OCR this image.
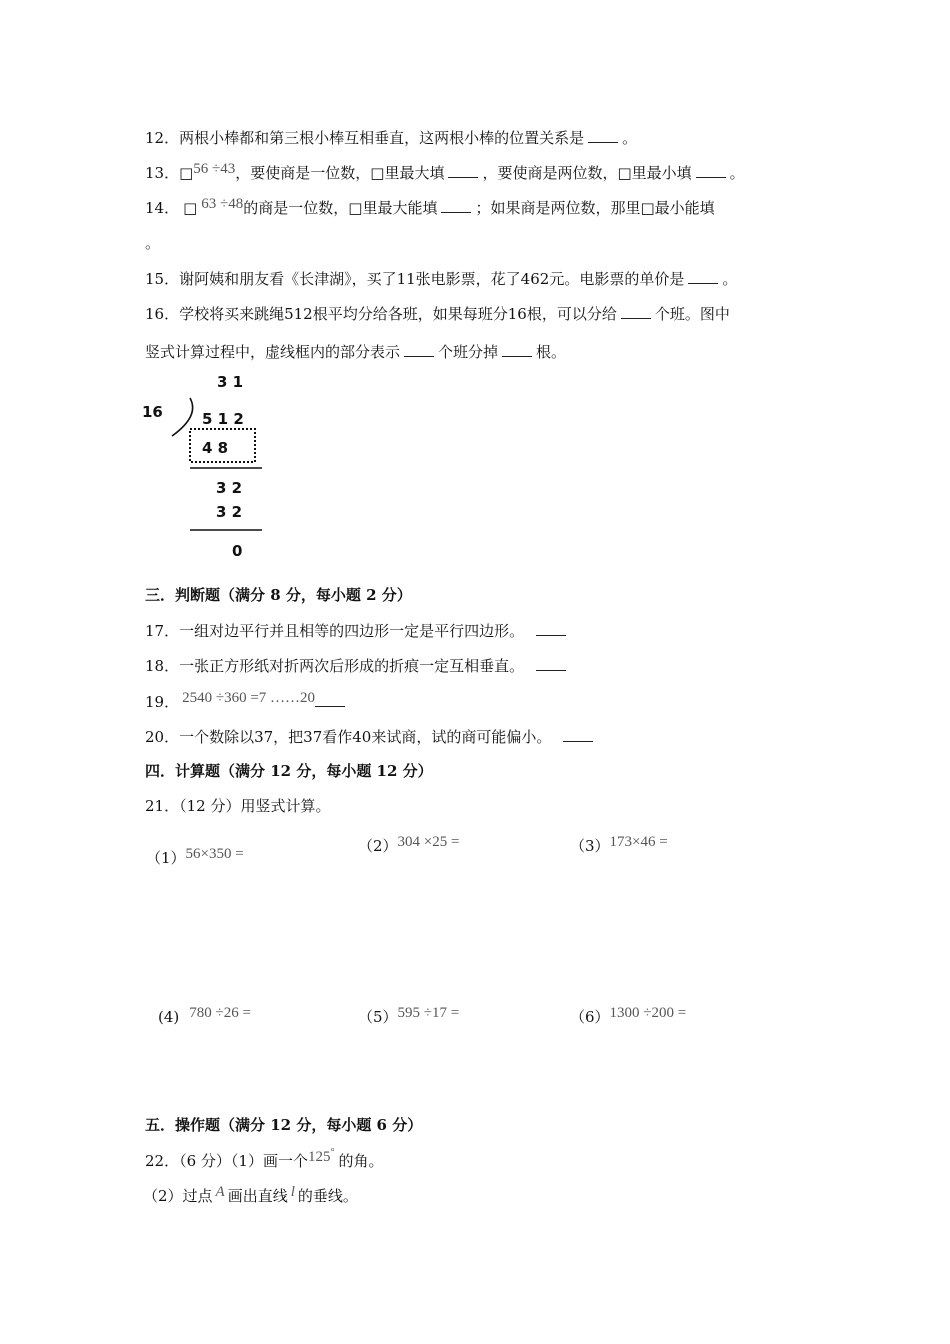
12．两根小棒都和第三根小棒互相垂直，这两根小棒的位置关系是	。
13．□56 ÷43，要使商是一位数，□里最大填	，要使商是两位数，□里最小填	。
14． □ 63 ÷48的商是一位数，□里最大能填	；如果商是两位数，那里□最小能填
。
15．谢阿姨和朋友看《长津湖》，买了11张电影票，花了462元。电影票的单价是	。
16．学校将买来跳绳512根平均分给各班，如果每班分16根，可以分给	个班。图中
竖式计算过程中，虚线框内的部分表示	个班分掉	根。
3 1
16	5 1 2
4 8
3 2
3 2
0
三．判断题（满分 8 分，每小题 2 分）
17．一组对边平行并且相等的四边形一定是平行四边形。
18．一张正方形纸对折两次后形成的折痕一定互相垂直。
19． 2540 ÷360 =7 ……20
20．一个数除以37，把37看作40来试商，试的商可能偏小。
四．计算题（满分 12 分，每小题 12 分）
21．（12 分）用竖式计算。
（1）56×350 =	（2）304 ×25 =	（3）173×46 =
(4) 780 ÷26 =	（5）595 ÷17 =	（6）1300 ÷200 =
五．操作题（满分 12 分，每小题 6 分）
22．（6 分）（1）画一个125° 的角。
（2）过点 A 画出直线 l 的垂线。
